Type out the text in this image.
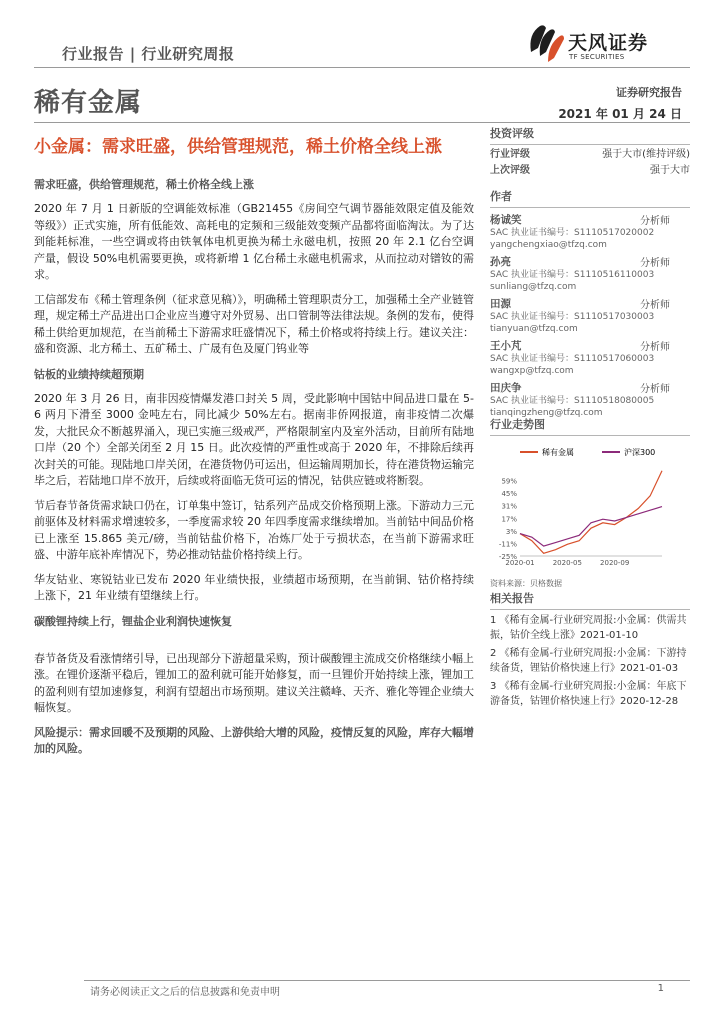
行业报告 | 行业研究周报	天风证券
TF SECURITIES
稀有金属	证券研究报告
2021 年 01 月 24 日
小金属：需求旺盛，供给管理规范，稀土价格全线上涨
需求旺盛，供给管理规范，稀土价格全线上涨
2020 年 7 月 1 日新版的空调能效标准（GB21455《房间空气调节器能效限定值及能效等级》）正式实施，所有低能效、高耗电的定频和三级能效变频产品都将面临淘汰。为了达到能耗标准，一些空调或将由铁氧体电机更换为稀土永磁电机，按照 20 年 2.1 亿台空调产量，假设 50%电机需要更换，或将新增 1 亿台稀土永磁电机需求，从而拉动对镨钕的需求。
工信部发布《稀土管理条例（征求意见稿）》，明确稀土管理职责分工，加强稀土全产业链管理，规定稀土产品进出口企业应当遵守对外贸易、出口管制等法律法规。条例的发布，使得稀土供给更加规范，在当前稀土下游需求旺盛情况下，稀土价格或将持续上行。建议关注：盛和资源、北方稀土、五矿稀土、广晟有色及厦门钨业等
钴板的业绩持续超预期
2020 年 3 月 26 日，南非因疫情爆发港口封关 5 周，受此影响中国钴中间品进口量在 5-6 两月下滑至 3000 金吨左右，同比减少 50%左右。据南非侨网报道，南非疫情二次爆发，大批民众不断越界涌入，现已实施三级戒严，严格限制室内及室外活动，目前所有陆地口岸（20 个）全部关闭至 2 月 15 日。此次疫情的严重性或高于 2020 年，不排除后续再次封关的可能。现陆地口岸关闭，在港货物仍可运出，但运输周期加长，待在港货物运输完毕之后，若陆地口岸不放开，后续或将面临无货可运的情况，钴供应链或将断裂。
节后春节备货需求缺口仍在，订单集中签订，钴系列产品成交价格预期上涨。下游动力三元前驱体及材料需求增速较多，一季度需求较 20 年四季度需求继续增加。当前钴中间品价格已上涨至 15.865 美元/磅，当前钴盐价格下，冶炼厂处于亏损状态，在当前下游需求旺盛、中游年底补库情况下，势必推动钴盐价格持续上行。
华友钴业、寒锐钴业已发布 2020 年业绩快报，业绩超市场预期，在当前铜、钴价格持续上涨下，21 年业绩有望继续上行。
碳酸锂持续上行，锂盐企业利润快速恢复
春节备货及看涨情绪引导，已出现部分下游超量采购，预计碳酸锂主流成交价格继续小幅上涨。在锂价逐渐平稳后，锂加工的盈利就可能开始修复，而一旦锂价开始持续上涨，锂加工的盈利则有望加速修复，利润有望超出市场预期。建议关注赣峰、天齐、雅化等锂企业绩大幅恢复。
风险提示：需求回暖不及预期的风险、上游供给大增的风险，疫情反复的风险，库存大幅增加的风险。
投资评级
行业评级	强于大市(维持评级)
上次评级	强于大市
作者
杨诚笑	分析师
SAC 执业证书编号：S1110517020002
yangchengxiao@tfzq.com
孙亮	分析师
SAC 执业证书编号：S1110516110003
sunliang@tfzq.com
田源	分析师
SAC 执业证书编号：S1110517030003
tianyuan@tfzq.com
王小芃	分析师
SAC 执业证书编号：S1110517060003
wangxp@tfzq.com
田庆争	分析师
SAC 执业证书编号：S1110518080005
tianqingzheng@tfzq.com
行业走势图
稀有金属	沪深300
59%
45%
31%
17%
3%
-11%
-25%
2020-01	2020-05	2020-09
资料来源：贝格数据
相关报告
1 《稀有金属-行业研究周报:小金属：供需共振，钴价全线上涨》2021-01-10
2 《稀有金属-行业研究周报:小金属：下游持续备货，锂钴价格快速上行》2021-01-03
3 《稀有金属-行业研究周报:小金属：年底下游备货，钴锂价格快速上行》2020-12-28
请务必阅读正文之后的信息披露和免责申明	1
